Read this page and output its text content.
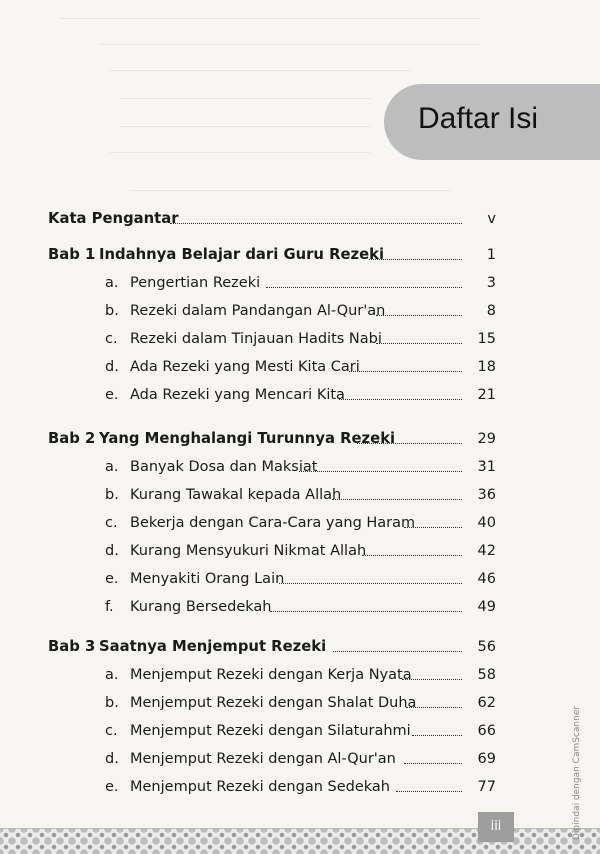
Daftar Isi
Kata Pengantar	v
Bab 1 Indahnya Belajar dari Guru Rezeki	1
a. Pengertian Rezeki	3
b. Rezeki dalam Pandangan Al-Qur'an	8
c. Rezeki dalam Tinjauan Hadits Nabi	15
d. Ada Rezeki yang Mesti Kita Cari	18
e. Ada Rezeki yang Mencari Kita	21
Bab 2 Yang Menghalangi Turunnya Rezeki	29
a. Banyak Dosa dan Maksiat	31
b. Kurang Tawakal kepada Allah	36
c. Bekerja dengan Cara-Cara yang Haram	40
d. Kurang Mensyukuri Nikmat Allah	42
e. Menyakiti Orang Lain	46
f. Kurang Bersedekah	49
Bab 3 Saatnya Menjemput Rezeki	56
a. Menjemput Rezeki dengan Kerja Nyata	58
b. Menjemput Rezeki dengan Shalat Duha	62
c. Menjemput Rezeki dengan Silaturahmi	66
d. Menjemput Rezeki dengan Al-Qur'an	69
e. Menjemput Rezeki dengan Sedekah	77
iii	Dipindai dengan CamScanner
